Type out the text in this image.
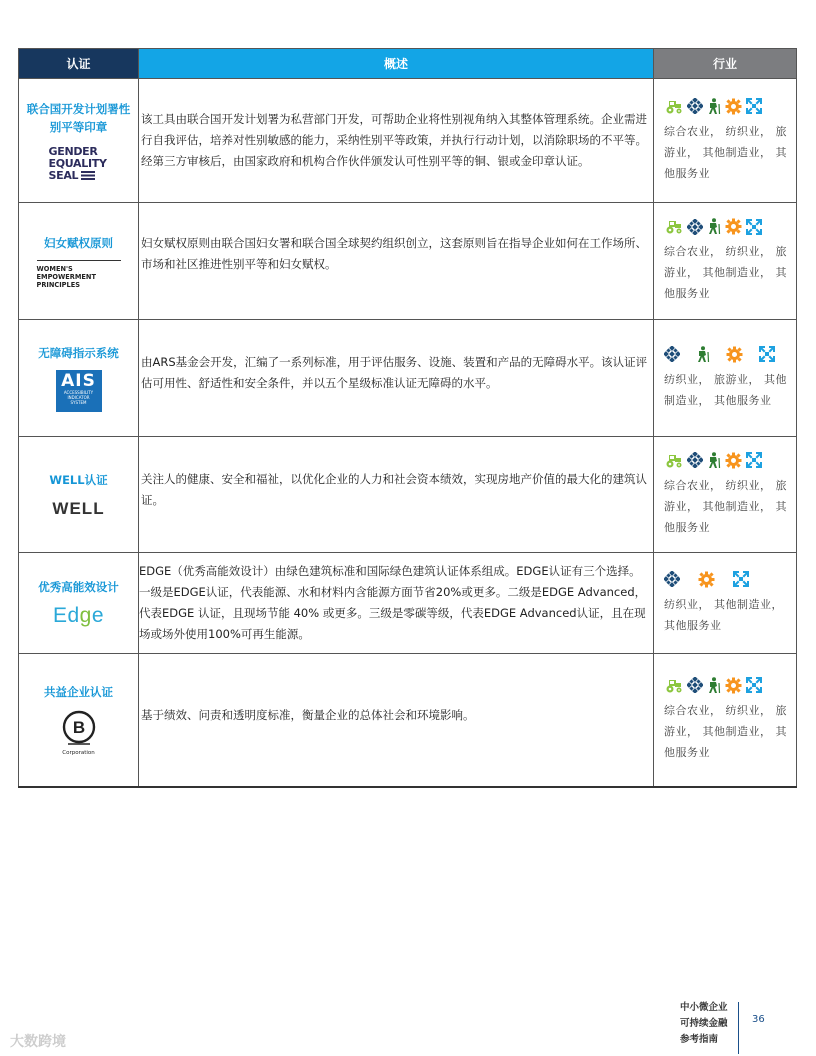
认证	概述	行业

联合国开发计划署性别平等印章
GENDER
EQUALITY
SEAL	该工具由联合国开发计划署为私营部门开发，可帮助企业将性别视角纳入其整体管理系统。企业需进行自我评估，培养对性别敏感的能力，采纳性别平等政策，并执行行动计划，以消除职场的不平等。经第三方审核后，由国家政府和机构合作伙伴颁发认可性别平等的铜、银或金印章认证。	综合农业， 纺织业， 旅游业， 其他制造业， 其他服务业

妇女赋权原则
WOMEN'S
EMPOWERMENT
PRINCIPLES	妇女赋权原则由联合国妇女署和联合国全球契约组织创立，这套原则旨在指导企业如何在工作场所、市场和社区推进性别平等和妇女赋权。	综合农业， 纺织业， 旅游业， 其他制造业， 其他服务业

无障碍指示系统
AIS
ACCESSIBILITY
INDICATOR
SYSTEM	由ARS基金会开发，汇编了一系列标准，用于评估服务、设施、装置和产品的无障碍水平。该认证评估可用性、舒适性和安全条件，并以五个星级标准认证无障碍的水平。	纺织业， 旅游业， 其他制造业， 其他服务业

WELL认证
WELL	关注人的健康、安全和福祉，以优化企业的人力和社会资本绩效，实现房地产价值的最大化的建筑认证。	综合农业， 纺织业， 旅游业， 其他制造业， 其他服务业

优秀高能效设计
Edge	EDGE（优秀高能效设计）由绿色建筑标准和国际绿色建筑认证体系组成。EDGE认证有三个选择。一级是EDGE认证，代表能源、水和材料内含能源方面节省20%或更多。二级是EDGE Advanced，代表EDGE 认证，且现场节能 40% 或更多。三级是零碳等级，代表EDGE Advanced认证，且在现场或场外使用100%可再生能源。	纺织业， 其他制造业， 其他服务业

共益企业认证
B
Corporation	基于绩效、问责和透明度标准，衡量企业的总体社会和环境影响。	综合农业， 纺织业， 旅游业， 其他制造业， 其他服务业
中小微企业
可持续金融
参考指南
36
大数跨境
